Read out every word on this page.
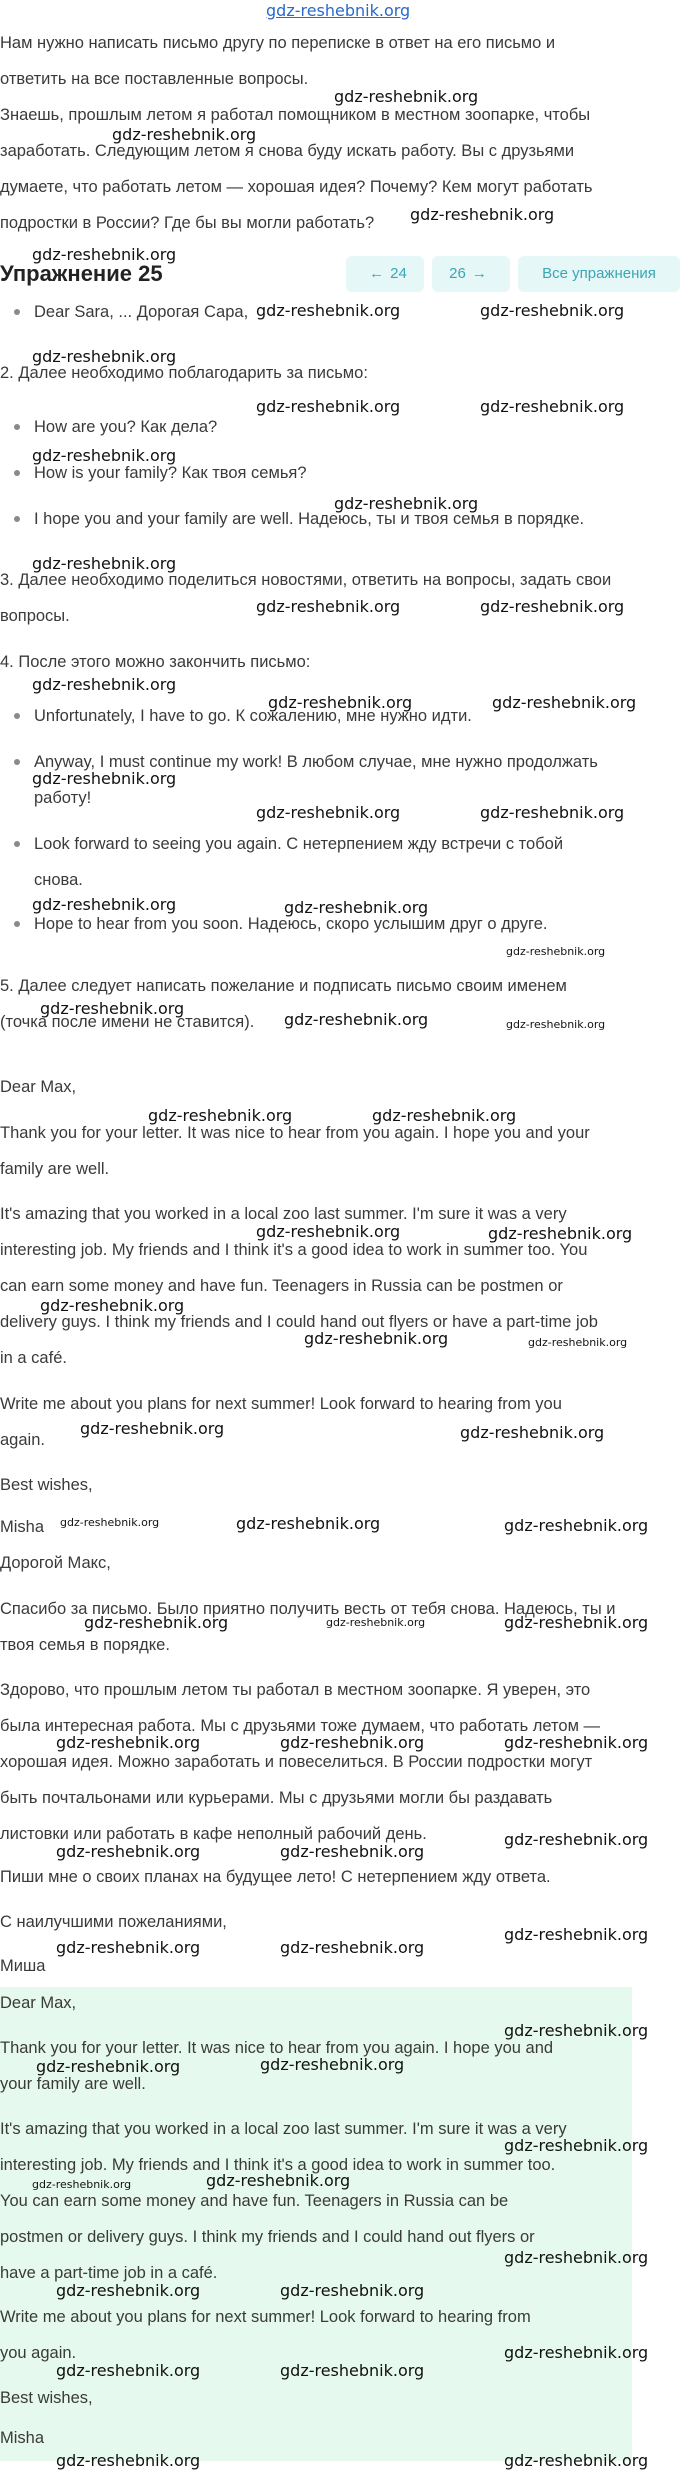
gdz-reshebnik.org

Нам нужно написать письмо другу по переписке в ответ на его письмо и

ответить на все поставленные вопросы.

Знаешь, прошлым летом я работал помощником в местном зоопарке, чтобы

заработать. Следующим летом я снова буду искать работу. Вы с друзьями

думаете, что работать летом — хорошая идея? Почему? Кем могут работать

подростки в России? Где бы вы могли работать?

Упражнение 25	← 24	26 →	Все упражнения

Dear Sara, ... Дорогая Сара,

2. Далее необходимо поблагодарить за письмо:

How are you? Как дела?

How is your family? Как твоя семья?

I hope you and your family are well. Надеюсь, ты и твоя семья в порядке.

3. Далее необходимо поделиться новостями, ответить на вопросы, задать свои

вопросы.

4. После этого можно закончить письмо:

Unfortunately, I have to go. К сожалению, мне нужно идти.

Anyway, I must continue my work! В любом случае, мне нужно продолжать

работу!

Look forward to seeing you again. С нетерпением жду встречи с тобой

снова.

Hope to hear from you soon. Надеюсь, скоро услышим друг о друге.

5. Далее следует написать пожелание и подписать письмо своим именем

(точка после имени не ставится).

Dear Max,

Thank you for your letter. It was nice to hear from you again. I hope you and your

family are well.

It's amazing that you worked in a local zoo last summer. I'm sure it was a very

interesting job. My friends and I think it's a good idea to work in summer too. You

can earn some money and have fun. Teenagers in Russia can be postmen or

delivery guys. I think my friends and I could hand out flyers or have a part-time job

in a café.

Write me about you plans for next summer! Look forward to hearing from you

again.

Best wishes,

Misha

Дорогой Макс,

Спасибо за письмо. Было приятно получить весть от тебя снова. Надеюсь, ты и

твоя семья в порядке.

Здорово, что прошлым летом ты работал в местном зоопарке. Я уверен, это

была интересная работа. Мы с друзьями тоже думаем, что работать летом —

хорошая идея. Можно заработать и повеселиться. В России подростки могут

быть почтальонами или курьерами. Мы с друзьями могли бы раздавать

листовки или работать в кафе неполный рабочий день.

Пиши мне о своих планах на будущее лето! С нетерпением жду ответа.

С наилучшими пожеланиями,

Миша

Dear Max,

Thank you for your letter. It was nice to hear from you again. I hope you and

your family are well.

It's amazing that you worked in a local zoo last summer. I'm sure it was a very

interesting job. My friends and I think it's a good idea to work in summer too.

You can earn some money and have fun. Teenagers in Russia can be

postmen or delivery guys. I think my friends and I could hand out flyers or

have a part-time job in a café.

Write me about you plans for next summer! Look forward to hearing from

you again.

Best wishes,

Misha

gdz-reshebnik.org
gdz-reshebnik.org
gdz-reshebnik.org
gdz-reshebnik.org
gdz-reshebnik.org	gdz-reshebnik.org
gdz-reshebnik.org
gdz-reshebnik.org	gdz-reshebnik.org
gdz-reshebnik.org
gdz-reshebnik.org
gdz-reshebnik.org
gdz-reshebnik.org	gdz-reshebnik.org
gdz-reshebnik.org
gdz-reshebnik.org	gdz-reshebnik.org
gdz-reshebnik.org
gdz-reshebnik.org	gdz-reshebnik.org
gdz-reshebnik.org	gdz-reshebnik.org
gdz-reshebnik.org
gdz-reshebnik.org
gdz-reshebnik.org	gdz-reshebnik.org
gdz-reshebnik.org	gdz-reshebnik.org
gdz-reshebnik.org	gdz-reshebnik.org
gdz-reshebnik.org
gdz-reshebnik.org	gdz-reshebnik.org
gdz-reshebnik.org	gdz-reshebnik.org
gdz-reshebnik.org	gdz-reshebnik.org	gdz-reshebnik.org
gdz-reshebnik.org	gdz-reshebnik.org	gdz-reshebnik.org
gdz-reshebnik.org	gdz-reshebnik.org	gdz-reshebnik.org
gdz-reshebnik.org
gdz-reshebnik.org	gdz-reshebnik.org
gdz-reshebnik.org
gdz-reshebnik.org	gdz-reshebnik.org
gdz-reshebnik.org
gdz-reshebnik.org	gdz-reshebnik.org
gdz-reshebnik.org
gdz-reshebnik.org	gdz-reshebnik.org
gdz-reshebnik.org
gdz-reshebnik.org	gdz-reshebnik.org
gdz-reshebnik.org
gdz-reshebnik.org	gdz-reshebnik.org
gdz-reshebnik.org	gdz-reshebnik.org
